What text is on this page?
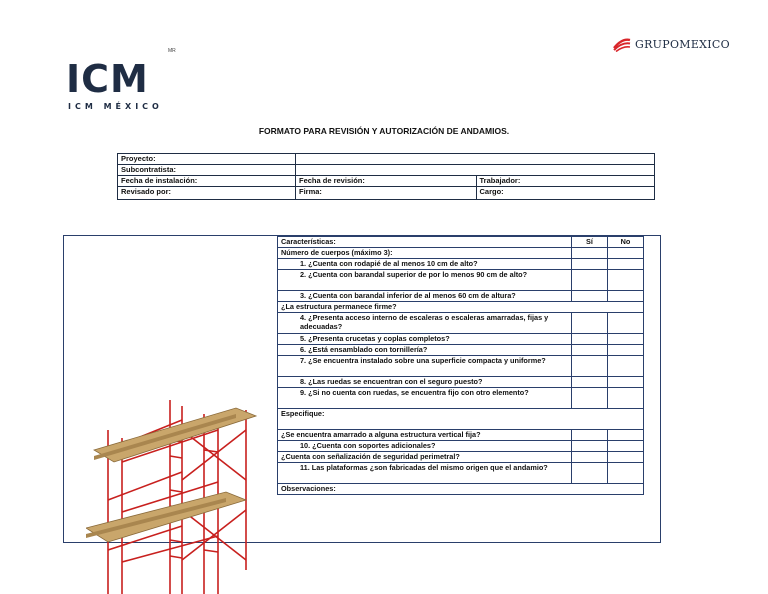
ICM
ICM MÉXICO
MR
GRUPOMEXICO
FORMATO PARA REVISIÓN Y AUTORIZACIÓN DE ANDAMIOS.
Proyecto:		
Subcontratista:		
Fecha de instalación:	Fecha de revisión:	Trabajador:
Revisado por:	Firma:	Cargo:
Características:	Sí	No
Número de cuerpos (máximo 3):		
1. ¿Cuenta con rodapié de al menos 10 cm de alto?		
2. ¿Cuenta con barandal superior de por lo menos 90 cm de alto?		
3. ¿Cuenta con barandal inferior de al menos 60 cm de altura?		
¿La estructura permanece firme?		
4. ¿Presenta acceso interno de escaleras o escaleras amarradas, fijas y adecuadas?		
5. ¿Presenta crucetas y coplas completos?		
6. ¿Está ensamblado con tornillería?		
7. ¿Se encuentra instalado sobre una superficie compacta y uniforme?		
8. ¿Las ruedas se encuentran con el seguro puesto?		
9. ¿Si no cuenta con ruedas, se encuentra fijo con otro elemento?		
Especifique:		
¿Se encuentra amarrado a alguna estructura vertical fija?		
10. ¿Cuenta con soportes adicionales?		
¿Cuenta con señalización de seguridad perimetral?		
11. Las plataformas ¿son fabricadas del mismo origen que el andamio?		
Observaciones:		
